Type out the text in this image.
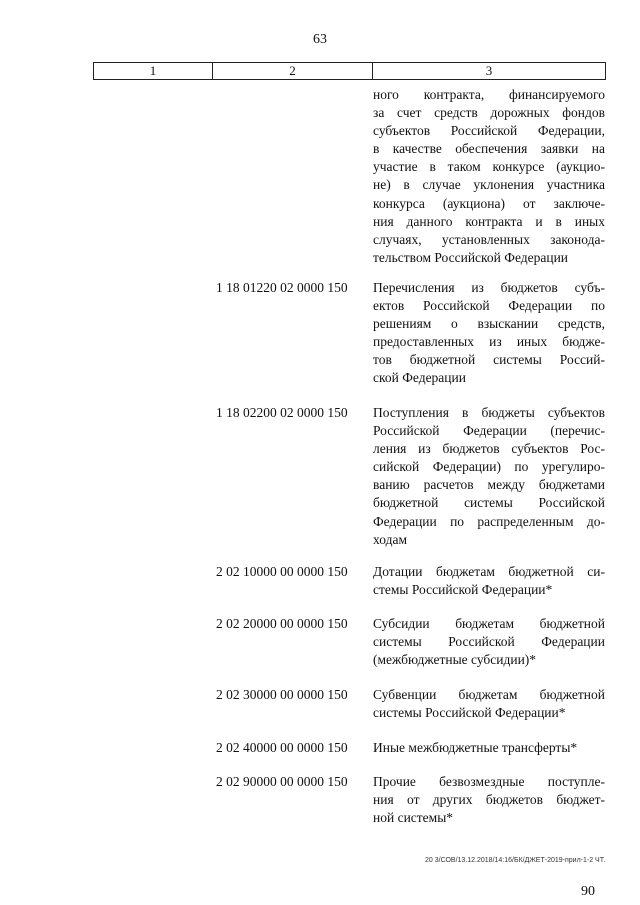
63
1	2	3
ного контракта, финансируемого
за счет средств дорожных фондов
субъектов Российской Федерации,
в качестве обеспечения заявки на
участие в таком конкурсе (аукцио-
не) в случае уклонения участника
конкурса (аукциона) от заключе-
ния данного контракта и в иных
случаях, установленных законода-
тельством Российской Федерации
1 18 01220 02 0000 150	Перечисления из бюджетов субъ-
ектов Российской Федерации по
решениям о взыскании средств,
предоставленных из иных бюдже-
тов бюджетной системы Россий-
ской Федерации
1 18 02200 02 0000 150	Поступления в бюджеты субъектов
Российской Федерации (перечис-
ления из бюджетов субъектов Рос-
сийской Федерации) по урегулиро-
ванию расчетов между бюджетами
бюджетной системы Российской
Федерации по распределенным до-
ходам
2 02 10000 00 0000 150	Дотации бюджетам бюджетной си-
стемы Российской Федерации*
2 02 20000 00 0000 150	Субсидии бюджетам бюджетной
системы Российской Федерации
(межбюджетные субсидии)*
2 02 30000 00 0000 150	Субвенции бюджетам бюджетной
системы Российской Федерации*
2 02 40000 00 0000 150	Иные межбюджетные трансферты*
2 02 90000 00 0000 150	Прочие безвозмездные поступле-
ния от других бюджетов бюджет-
ной системы*
20 3/СОВ/13.12.2018/14:16/БК/ДЖЕТ-2019-прил-1-2 ЧТ.
90
